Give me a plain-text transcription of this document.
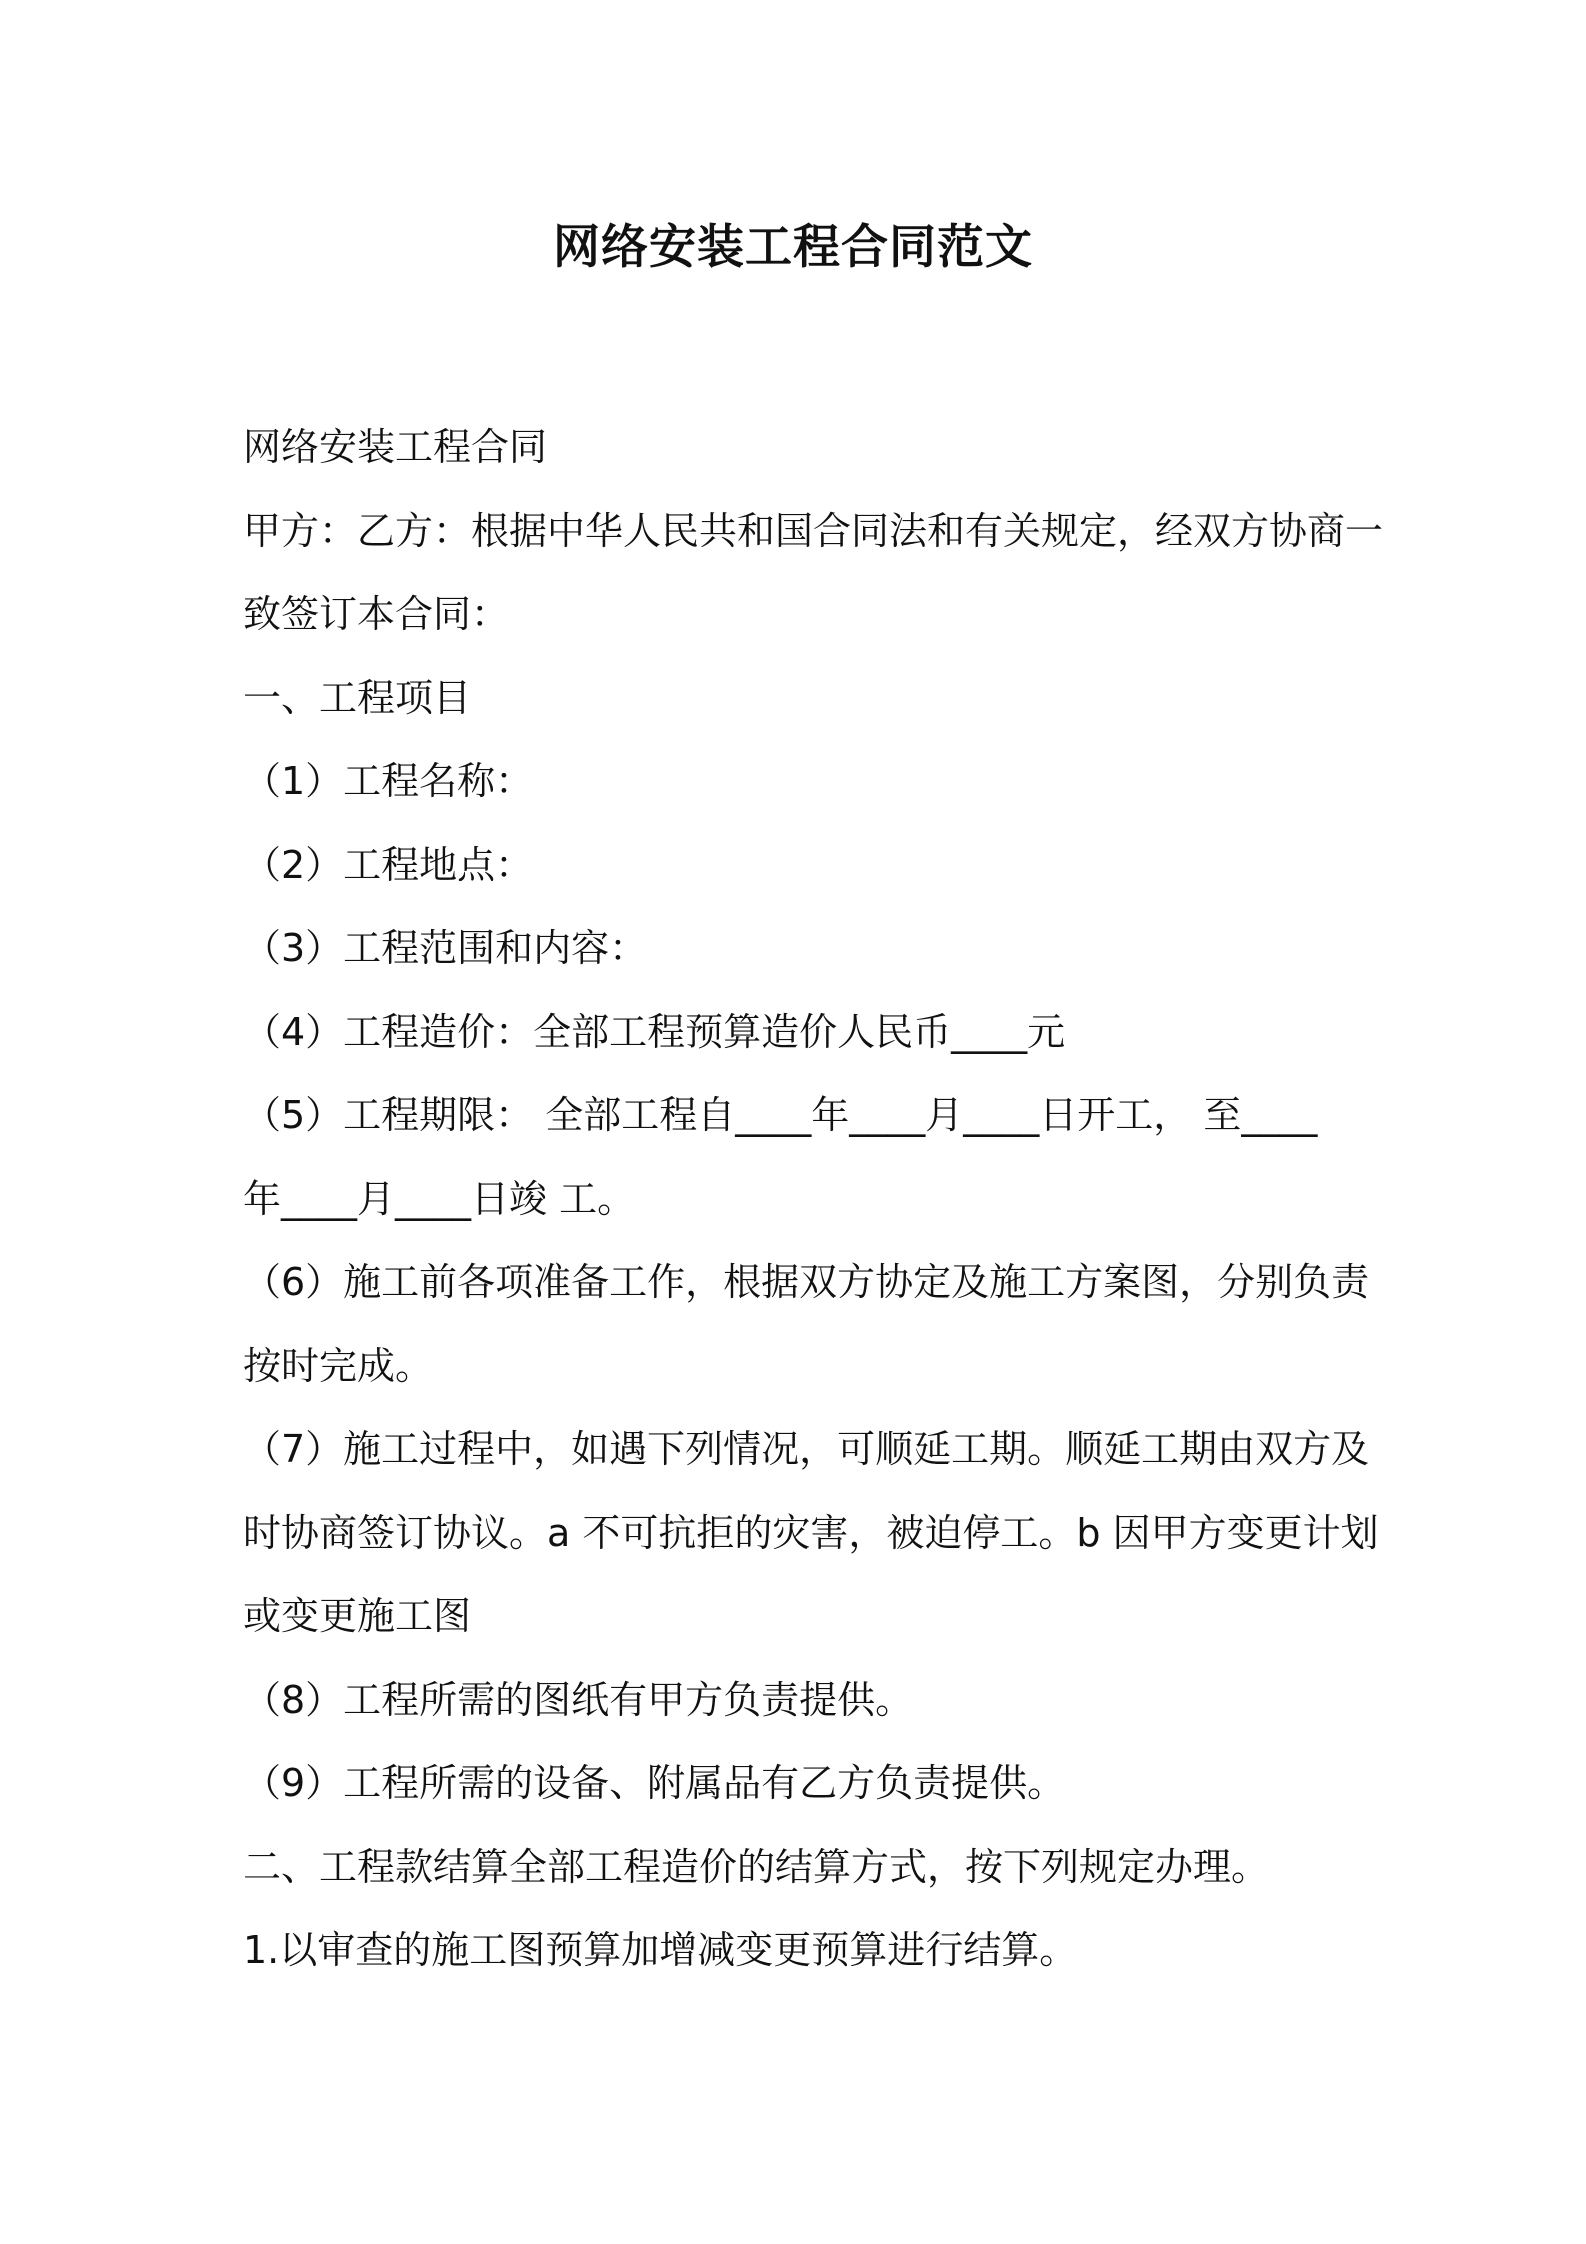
网络安装工程合同范文

网络安装工程合同

甲方：乙方：根据中华人民共和国合同法和有关规定，经双方协商一

致签订本合同：

一、工程项目

（1）工程名称：

（2）工程地点：

（3）工程范围和内容：

（4）工程造价：全部工程预算造价人民币____元

（5）工程期限： 全部工程自____年____月____日开工， 至____

年____月____日竣 工。

（6）施工前各项准备工作，根据双方协定及施工方案图，分别负责

按时完成。

（7）施工过程中，如遇下列情况，可顺延工期。顺延工期由双方及

时协商签订协议。a 不可抗拒的灾害，被迫停工。b 因甲方变更计划

或变更施工图

（8）工程所需的图纸有甲方负责提供。

（9）工程所需的设备、附属品有乙方负责提供。

二、工程款结算全部工程造价的结算方式，按下列规定办理。

1.以审查的施工图预算加增减变更预算进行结算。
